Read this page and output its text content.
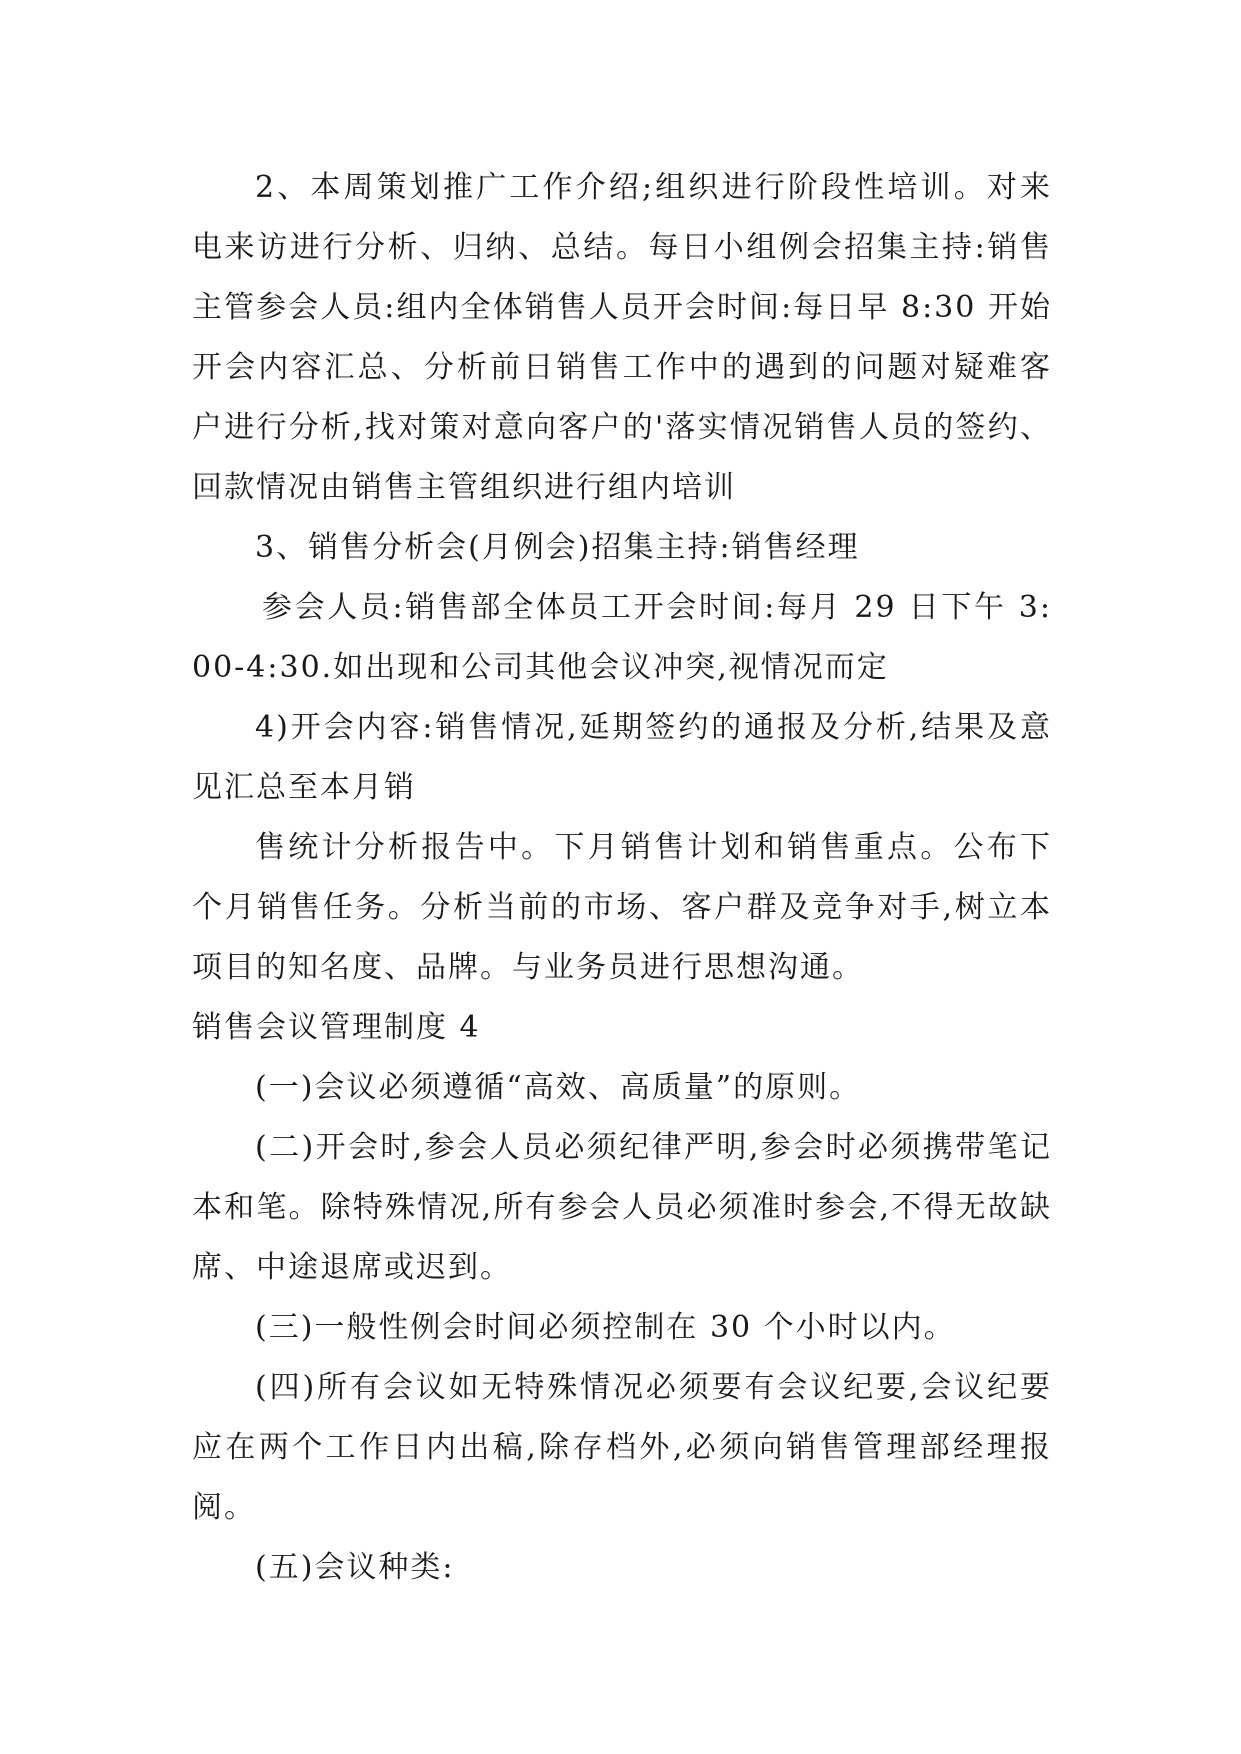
2、本周策划推广工作介绍;组织进行阶段性培训。对来电来访进行分析、归纳、总结。每日小组例会招集主持:销售主管参会人员:组内全体销售人员开会时间:每日早 8:30 开始开会内容汇总、分析前日销售工作中的遇到的问题对疑难客户进行分析,找对策对意向客户的'落实情况销售人员的签约、回款情况由销售主管组织进行组内培训

3、销售分析会(月例会)招集主持:销售经理

参会人员:销售部全体员工开会时间:每月 29 日下午 3:00-4:30.如出现和公司其他会议冲突,视情况而定

4)开会内容:销售情况,延期签约的通报及分析,结果及意见汇总至本月销

售统计分析报告中。下月销售计划和销售重点。公布下个月销售任务。分析当前的市场、客户群及竞争对手,树立本项目的知名度、品牌。与业务员进行思想沟通。

销售会议管理制度 4

(一)会议必须遵循“高效、高质量”的原则。

(二)开会时,参会人员必须纪律严明,参会时必须携带笔记本和笔。除特殊情况,所有参会人员必须准时参会,不得无故缺席、中途退席或迟到。

(三)一般性例会时间必须控制在 30 个小时以内。

(四)所有会议如无特殊情况必须要有会议纪要,会议纪要应在两个工作日内出稿,除存档外,必须向销售管理部经理报阅。

(五)会议种类:
